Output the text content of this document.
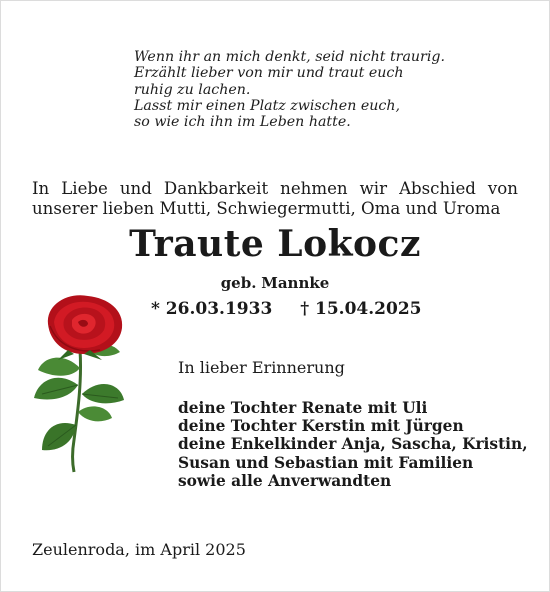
Wenn ihr an mich denkt, seid nicht traurig.
Erzählt lieber von mir und traut euch
ruhig zu lachen.
Lasst mir einen Platz zwischen euch,
so wie ich ihn im Leben hatte.
In Liebe und Dankbarkeit nehmen wir Abschied von
unserer lieben Mutti, Schwiegermutti, Oma und Uroma
Traute Lokocz
geb. Mannke
* 26.03.1933 † 15.04.2025
In lieber Erinnerung
deine Tochter Renate mit Uli
deine Tochter Kerstin mit Jürgen
deine Enkelkinder Anja, Sascha, Kristin,
Susan und Sebastian mit Familien
sowie alle Anverwandten
Zeulenroda, im April 2025
